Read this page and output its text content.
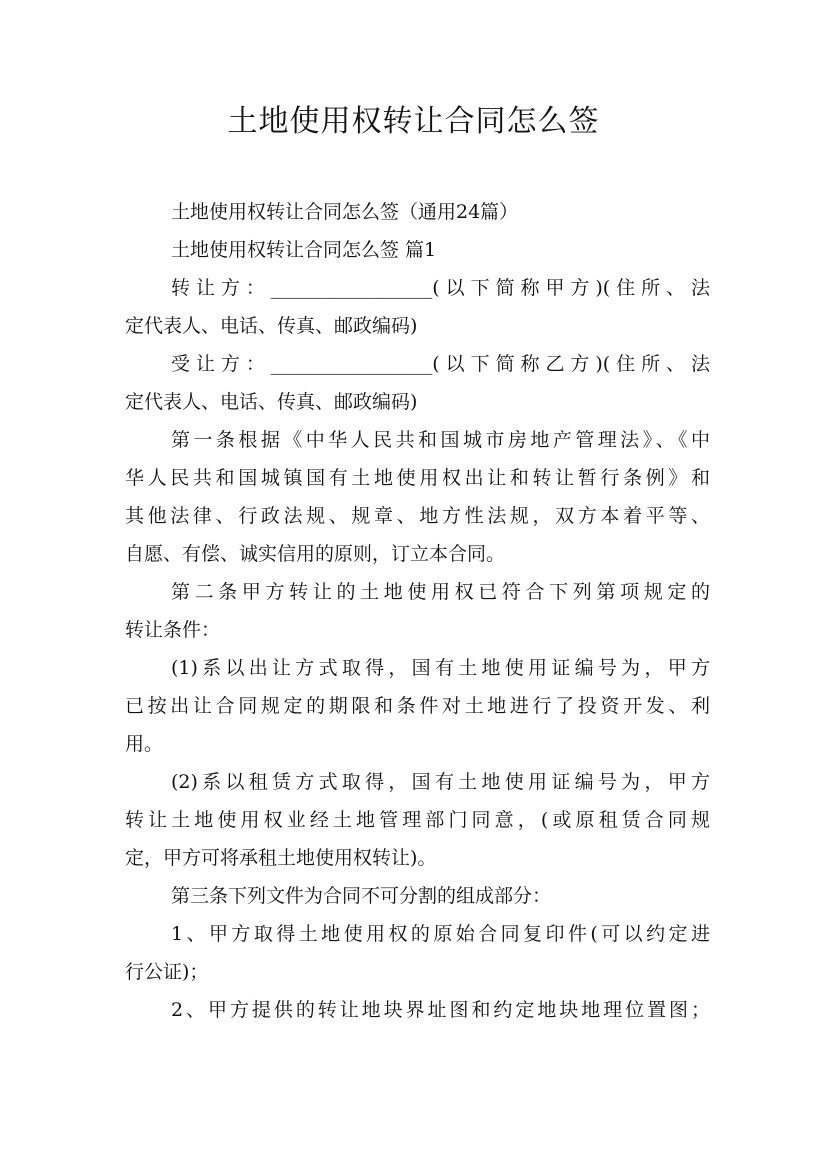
土地使用权转让合同怎么签
土地使用权转让合同怎么签（通用24篇）
土地使用权转让合同怎么签 篇1
转让方：_________________(以下简称甲方)(住所、法
定代表人、电话、传真、邮政编码)
受让方：_________________(以下简称乙方)(住所、法
定代表人、电话、传真、邮政编码)
第一条根据《中华人民共和国城市房地产管理法》、《中
华人民共和国城镇国有土地使用权出让和转让暂行条例》和
其他法律、行政法规、规章、地方性法规，双方本着平等、
自愿、有偿、诚实信用的原则，订立本合同。
第二条甲方转让的土地使用权已符合下列第项规定的
转让条件：
(1)系以出让方式取得，国有土地使用证编号为，甲方
已按出让合同规定的期限和条件对土地进行了投资开发、利
用。
(2)系以租赁方式取得，国有土地使用证编号为，甲方
转让土地使用权业经土地管理部门同意，(或原租赁合同规
定，甲方可将承租土地使用权转让)。
第三条下列文件为合同不可分割的组成部分：
1、甲方取得土地使用权的原始合同复印件(可以约定进
行公证)；
2、甲方提供的转让地块界址图和约定地块地理位置图；
